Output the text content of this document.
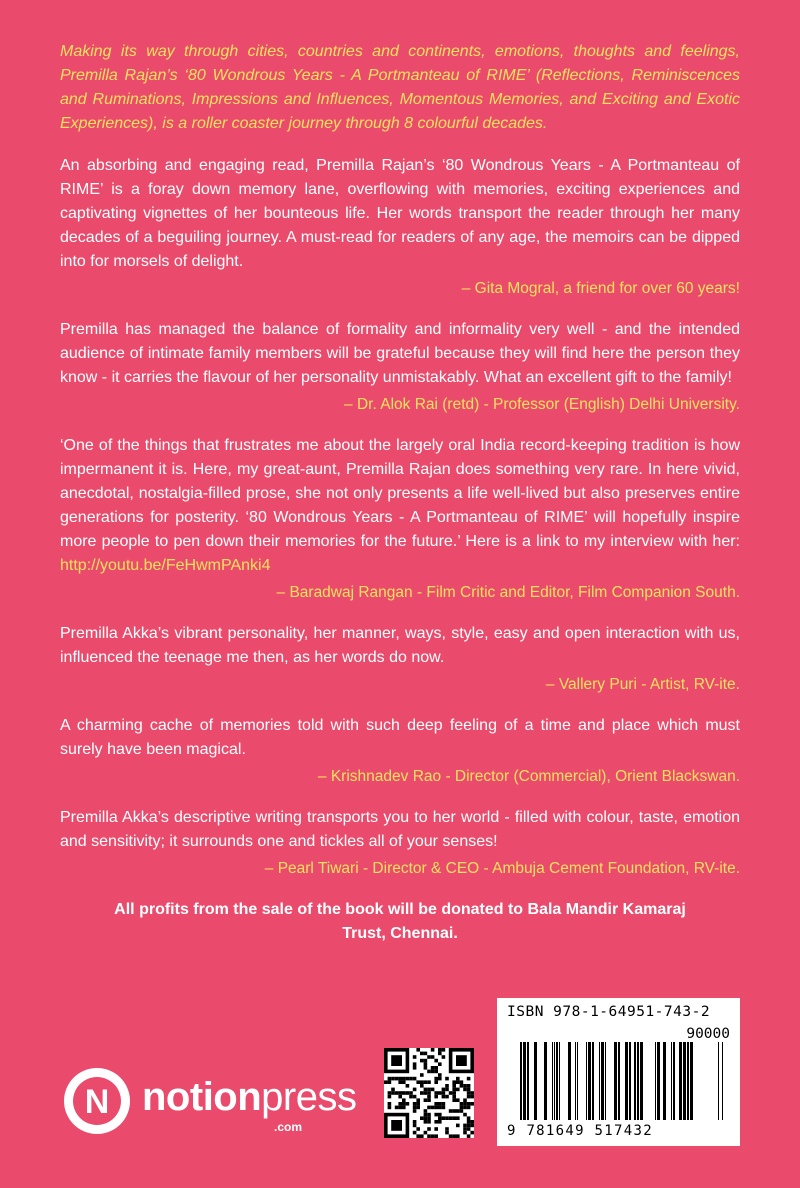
Making its way through cities, countries and continents, emotions, thoughts and feelings, Premilla Rajan’s ‘80 Wondrous Years - A Portmanteau of RIME’ (Reflections, Reminiscences and Ruminations, Impressions and Influences, Momentous Memories, and Exciting and Exotic Experiences), is a roller coaster journey through 8 colourful decades.

An absorbing and engaging read, Premilla Rajan’s ‘80 Wondrous Years - A Portmanteau of RIME’ is a foray down memory lane, overflowing with memories, exciting experiences and captivating vignettes of her bounteous life. Her words transport the reader through her many decades of a beguiling journey. A must-read for readers of any age, the memoirs can be dipped into for morsels of delight.

– Gita Mogral, a friend for over 60 years!

Premilla has managed the balance of formality and informality very well - and the intended audience of intimate family members will be grateful because they will find here the person they know - it carries the flavour of her personality unmistakably. What an excellent gift to the family!

– Dr. Alok Rai (retd) - Professor (English) Delhi University.

‘One of the things that frustrates me about the largely oral India record-keeping tradition is how impermanent it is. Here, my great-aunt, Premilla Rajan does something very rare. In here vivid, anecdotal, nostalgia-filled prose, she not only presents a life well-lived but also preserves entire generations for posterity. ‘80 Wondrous Years - A Portmanteau of RIME’ will hopefully inspire more people to pen down their memories for the future.’ Here is a link to my interview with her: http://youtu.be/FeHwmPAnki4

– Baradwaj Rangan - Film Critic and Editor, Film Companion South.

Premilla Akka’s vibrant personality, her manner, ways, style, easy and open interaction with us, influenced the teenage me then, as her words do now.

– Vallery Puri - Artist, RV-ite.

A charming cache of memories told with such deep feeling of a time and place which must surely have been magical.

– Krishnadev Rao - Director (Commercial), Orient Blackswan.

Premilla Akka’s descriptive writing transports you to her world - filled with colour, taste, emotion and sensitivity; it surrounds one and tickles all of your senses!

– Pearl Tiwari - Director & CEO - Ambuja Cement Foundation, RV-ite.

All profits from the sale of the book will be donated to Bala Mandir Kamaraj Trust, Chennai.

N notionpress
.com
ISBN 978-1-64951-743-2
90000
9 781649 517432
